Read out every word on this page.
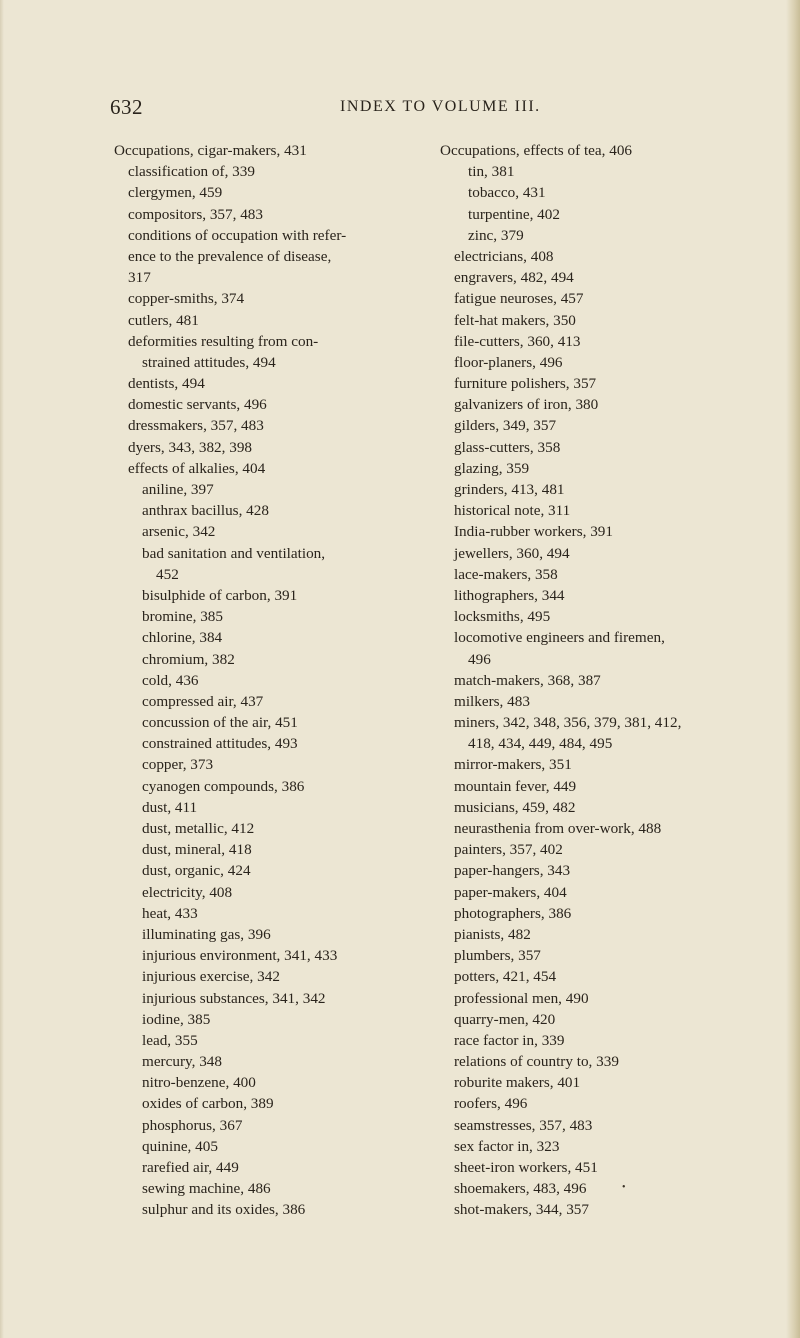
632	INDEX TO VOLUME III.
Occupations, cigar-makers, 431
classification of, 339
clergymen, 459
compositors, 357, 483
conditions of occupation with refer-
ence to the prevalence of disease,
317
copper-smiths, 374
cutlers, 481
deformities resulting from con-
strained attitudes, 494
dentists, 494
domestic servants, 496
dressmakers, 357, 483
dyers, 343, 382, 398
effects of alkalies, 404
aniline, 397
anthrax bacillus, 428
arsenic, 342
bad sanitation and ventilation,
452
bisulphide of carbon, 391
bromine, 385
chlorine, 384
chromium, 382
cold, 436
compressed air, 437
concussion of the air, 451
constrained attitudes, 493
copper, 373
cyanogen compounds, 386
dust, 411
dust, metallic, 412
dust, mineral, 418
dust, organic, 424
electricity, 408
heat, 433
illuminating gas, 396
injurious environment, 341, 433
injurious exercise, 342
injurious substances, 341, 342
iodine, 385
lead, 355
mercury, 348
nitro-benzene, 400
oxides of carbon, 389
phosphorus, 367
quinine, 405
rarefied air, 449
sewing machine, 486
sulphur and its oxides, 386
Occupations, effects of tea, 406
tin, 381
tobacco, 431
turpentine, 402
zinc, 379
electricians, 408
engravers, 482, 494
fatigue neuroses, 457
felt-hat makers, 350
file-cutters, 360, 413
floor-planers, 496
furniture polishers, 357
galvanizers of iron, 380
gilders, 349, 357
glass-cutters, 358
glazing, 359
grinders, 413, 481
historical note, 311
India-rubber workers, 391
jewellers, 360, 494
lace-makers, 358
lithographers, 344
locksmiths, 495
locomotive engineers and firemen,
496
match-makers, 368, 387
milkers, 483
miners, 342, 348, 356, 379, 381, 412,
418, 434, 449, 484, 495
mirror-makers, 351
mountain fever, 449
musicians, 459, 482
neurasthenia from over-work, 488
painters, 357, 402
paper-hangers, 343
paper-makers, 404
photographers, 386
pianists, 482
plumbers, 357
potters, 421, 454
professional men, 490
quarry-men, 420
race factor in, 339
relations of country to, 339
roburite makers, 401
roofers, 496
seamstresses, 357, 483
sex factor in, 323
sheet-iron workers, 451
shoemakers, 483, 496
shot-makers, 344, 357
•
